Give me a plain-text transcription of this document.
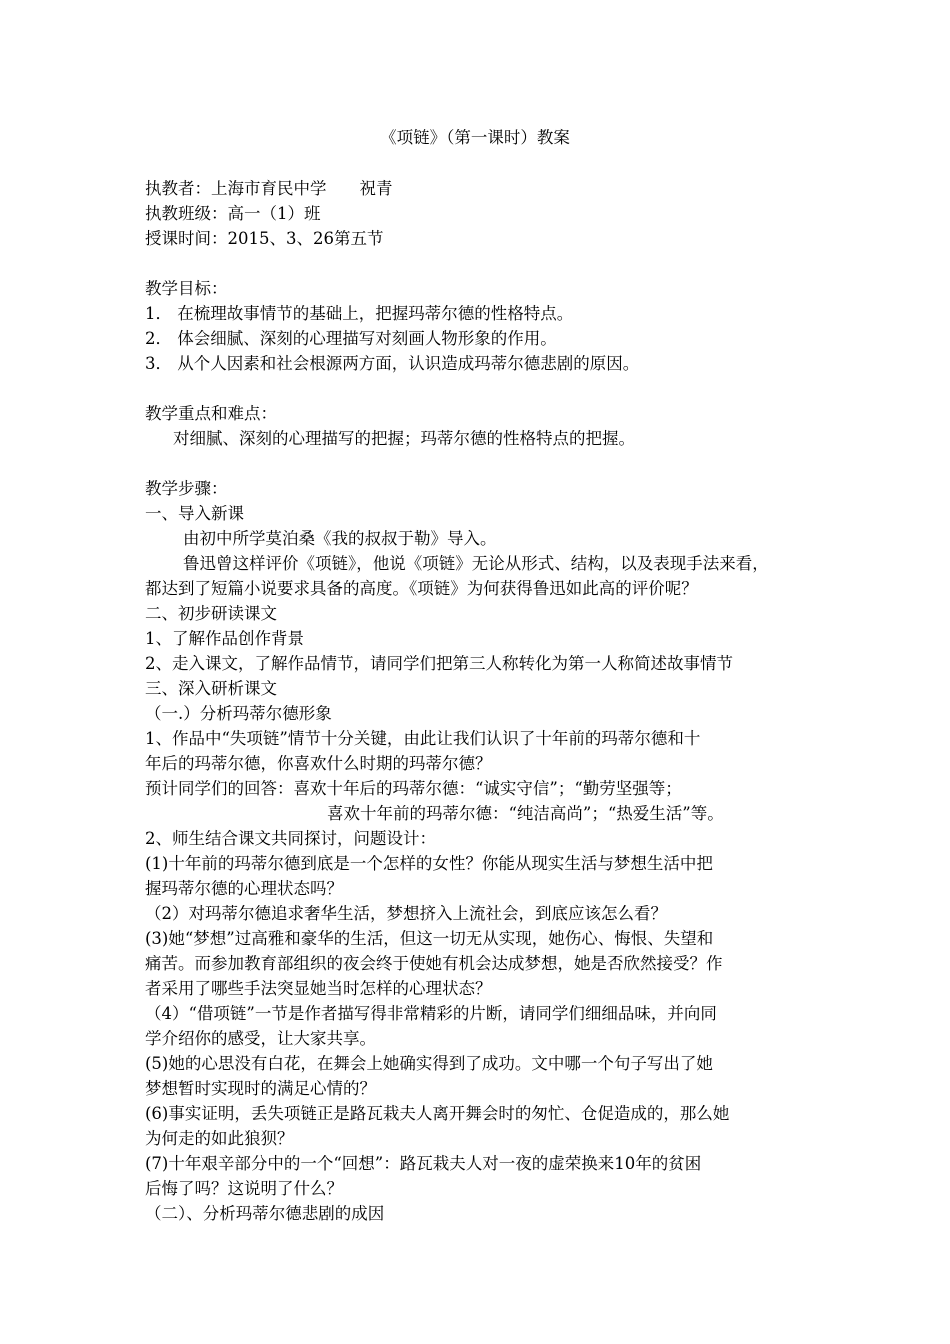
《项链》（第一课时）教案
执教者：上海市育民中学　　祝青
执教班级：高一（1）班
授课时间：2015、3、26第五节
教学目标：
1． 在梳理故事情节的基础上，把握玛蒂尔德的性格特点。
2． 体会细腻、深刻的心理描写对刻画人物形象的作用。
3． 从个人因素和社会根源两方面，认识造成玛蒂尔德悲剧的原因。
教学重点和难点：
对细腻、深刻的心理描写的把握；玛蒂尔德的性格特点的把握。
教学步骤：
一、导入新课
由初中所学莫泊桑《我的叔叔于勒》导入。
鲁迅曾这样评价《项链》，他说《项链》无论从形式、结构，以及表现手法来看，
都达到了短篇小说要求具备的高度。《项链》为何获得鲁迅如此高的评价呢？
二、初步研读课文
1、了解作品创作背景
2、走入课文，了解作品情节，请同学们把第三人称转化为第一人称简述故事情节
三、深入研析课文
（一.）分析玛蒂尔德形象
1、作品中“失项链”情节十分关键，由此让我们认识了十年前的玛蒂尔德和十
年后的玛蒂尔德，你喜欢什么时期的玛蒂尔德？
预计同学们的回答：喜欢十年后的玛蒂尔德：“诚实守信”；“勤劳坚强等；
喜欢十年前的玛蒂尔德：“纯洁高尚”；“热爱生活”等。
2、师生结合课文共同探讨，问题设计：
(1)十年前的玛蒂尔德到底是一个怎样的女性？你能从现实生活与梦想生活中把
握玛蒂尔德的心理状态吗？
（2）对玛蒂尔德追求奢华生活，梦想挤入上流社会，到底应该怎么看？
(3)她“梦想”过高雅和豪华的生活，但这一切无从实现，她伤心、悔恨、失望和
痛苦。而参加教育部组织的夜会终于使她有机会达成梦想，她是否欣然接受？作
者采用了哪些手法突显她当时怎样的心理状态？
（4）“借项链”一节是作者描写得非常精彩的片断，请同学们细细品味，并向同
学介绍你的感受，让大家共享。
(5)她的心思没有白花，在舞会上她确实得到了成功。文中哪一个句子写出了她
梦想暂时实现时的满足心情的？
(6)事实证明，丢失项链正是路瓦栽夫人离开舞会时的匆忙、仓促造成的，那么她
为何走的如此狼狈？
(7)十年艰辛部分中的一个“回想”：路瓦栽夫人对一夜的虚荣换来10年的贫困
后悔了吗？这说明了什么？
（二）、分析玛蒂尔德悲剧的成因
